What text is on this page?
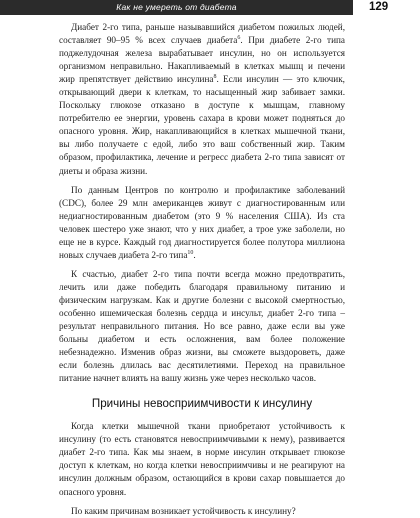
Как не умереть от диабета	129

Диабет 2-го типа, раньше называвшийся диабетом пожилых людей, составляет 90–95 % всех случаев диабета$^6$. При диабете 2-го типа поджелудочная железа вырабатывает инсулин, но он используется организмом неправильно. Накапливаемый в клетках мышц и печени жир препятствует действию инсулина$^8$. Если инсулин — это ключик, открывающий двери к клеткам, то насыщенный жир забивает замки. Поскольку глюкозе отказано в доступе к мышцам, главному потребителю ее энергии, уровень сахара в крови может подняться до опасного уровня. Жир, накапливающийся в клетках мышечной ткани, вы либо получаете с едой, либо это ваш собственный жир. Таким образом, профилактика, лечение и регресс диабета 2-го типа зависят от диеты и образа жизни.

По данным Центров по контролю и профилактике заболеваний (CDC), более 29 млн американцев живут с диагностированным или недиагностированным диабетом (это 9 % населения США). Из ста человек шестеро уже знают, что у них диабет, а трое уже заболели, но еще не в курсе. Каждый год диагностируется более полутора миллиона новых случаев диабета 2-го типа$^{10}$.

К счастью, диабет 2-го типа почти всегда можно предотвратить, лечить или даже победить благодаря правильному питанию и физическим нагрузкам. Как и другие болезни с высокой смертностью, особенно ишемическая болезнь сердца и инсульт, диабет 2-го типа – результат неправильного питания. Но все равно, даже если вы уже больны диабетом и есть осложнения, вам более положение небезнадежно. Изменив образ жизни, вы сможете выздороветь, даже если болезнь длилась вас десятилетиями. Переход на правильное питание начнет влиять на вашу жизнь уже через несколько часов.

Причины невосприимчивости к инсулину

Когда клетки мышечной ткани приобретают устойчивость к инсулину (то есть становятся невосприимчивыми к нему), развивается диабет 2-го типа. Как мы знаем, в норме инсулин открывает глюкозе доступ к клеткам, но когда клетки невосприимчивы и не реагируют на инсулин должным образом, остающийся в крови сахар повышается до опасного уровня.

По каким причинам возникает устойчивость к инсулину?
